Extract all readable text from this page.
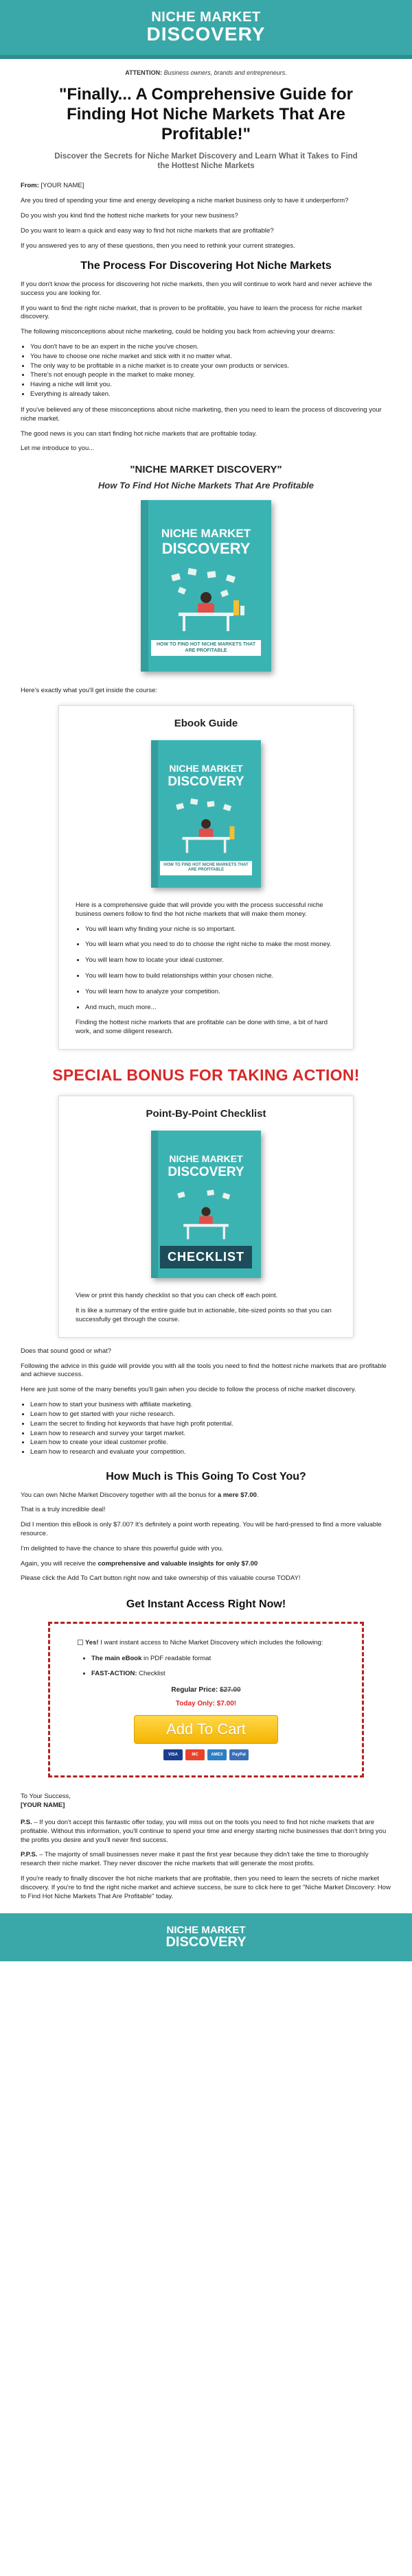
NICHE MARKET
DISCOVERY
ATTENTION: Business owners, brands and entrepreneurs.
"Finally... A Comprehensive Guide for Finding Hot Niche Markets That Are Profitable!"
Discover the Secrets for Niche Market Discovery and Learn What it Takes to Find the Hottest Niche Markets

From: [YOUR NAME]

Are you tired of spending your time and energy developing a niche market business only to have it underperform?

Do you wish you kind find the hottest niche markets for your new business?

Do you want to learn a quick and easy way to find hot niche markets that are profitable?

If you answered yes to any of these questions, then you need to rethink your current strategies.

The Process For Discovering Hot Niche Markets

If you don't know the process for discovering hot niche markets, then you will continue to work hard and never achieve the success you are looking for.

If you want to find the right niche market, that is proven to be profitable, you have to learn the process for niche market discovery.

The following misconceptions about niche marketing, could be holding you back from achieving your dreams:

• You don't have to be an expert in the niche you've chosen.
• You have to choose one niche market and stick with it no matter what.
• The only way to be profitable in a niche market is to create your own products or services.
• There's not enough people in the market to make money.
• Having a niche will limit you.
• Everything is already taken.

If you've believed any of these misconceptions about niche marketing, then you need to learn the process of discovering your niche market.

The good news is you can start finding hot niche markets that are profitable today.

Let me introduce to you...

"NICHE MARKET DISCOVERY"
How To Find Hot Niche Markets That Are Profitable
NICHE MARKET
DISCOVERY
HOW TO FIND HOT NICHE MARKETS THAT ARE PROFITABLE

Here's exactly what you'll get inside the course:

Ebook Guide
NICHE MARKET
DISCOVERY
HOW TO FIND HOT NICHE MARKETS THAT ARE PROFITABLE

Here is a comprehensive guide that will provide you with the process successful niche business owners follow to find the hot niche markets that will make them money.

• You will learn why finding your niche is so important.
• You will learn what you need to do to choose the right niche to make the most money.
• You will learn how to locate your ideal customer.
• You will learn how to build relationships within your chosen niche.
• You will learn how to analyze your competition.
• And much, much more...

Finding the hottest niche markets that are profitable can be done with time, a bit of hard work, and some diligent research.

SPECIAL BONUS FOR TAKING ACTION!
Point-By-Point Checklist
NICHE MARKET
DISCOVERY
CHECKLIST

View or print this handy checklist so that you can check off each point.

It is like a summary of the entire guide but in actionable, bite-sized points so that you can successfully get through the course.

Does that sound good or what?

Following the advice in this guide will provide you with all the tools you need to find the hottest niche markets that are profitable and achieve success.

Here are just some of the many benefits you'll gain when you decide to follow the process of niche market discovery.

• Learn how to start your business with affiliate marketing.
• Learn how to get started with your niche research.
• Learn the secret to finding hot keywords that have high profit potential.
• Learn how to research and survey your target market.
• Learn how to create your ideal customer profile.
• Learn how to research and evaluate your competition.
How Much is This Going To Cost You?

You can own Niche Market Discovery together with all the bonus for a mere $7.00.

That is a truly incredible deal!

Did I mention this eBook is only $7.00? It's definitely a point worth repeating. You will be hard-pressed to find a more valuable resource.

I'm delighted to have the chance to share this powerful guide with you.

Again, you will receive the comprehensive and valuable insights for only $7.00

Please click the Add To Cart button right now and take ownership of this valuable course TODAY!

Get Instant Access Right Now!
Yes! I want instant access to Niche Market Discovery which includes the following:
• The main eBook in PDF readable format
• FAST-ACTION: Checklist
Regular Price: $27.00
Today Only: $7.00!
Add To Cart
VISA	MC	AMEX	PayPal

To Your Success,
[YOUR NAME]

P.S. – If you don't accept this fantastic offer today, you will miss out on the tools you need to find hot niche markets that are profitable. Without this information, you'll continue to spend your time and energy starting niche businesses that don't bring you the profits you desire and you'll never find success.

P.P.S. – The majority of small businesses never make it past the first year because they didn't take the time to thoroughly research their niche market. They never discover the niche markets that will generate the most profits.

If you're ready to finally discover the hot niche markets that are profitable, then you need to learn the secrets of niche market discovery. If you're to find the right niche market and achieve success, be sure to click here to get "Niche Market Discovery: How to Find Hot Niche Markets That Are Profitable" today.

NICHE MARKET
DISCOVERY
